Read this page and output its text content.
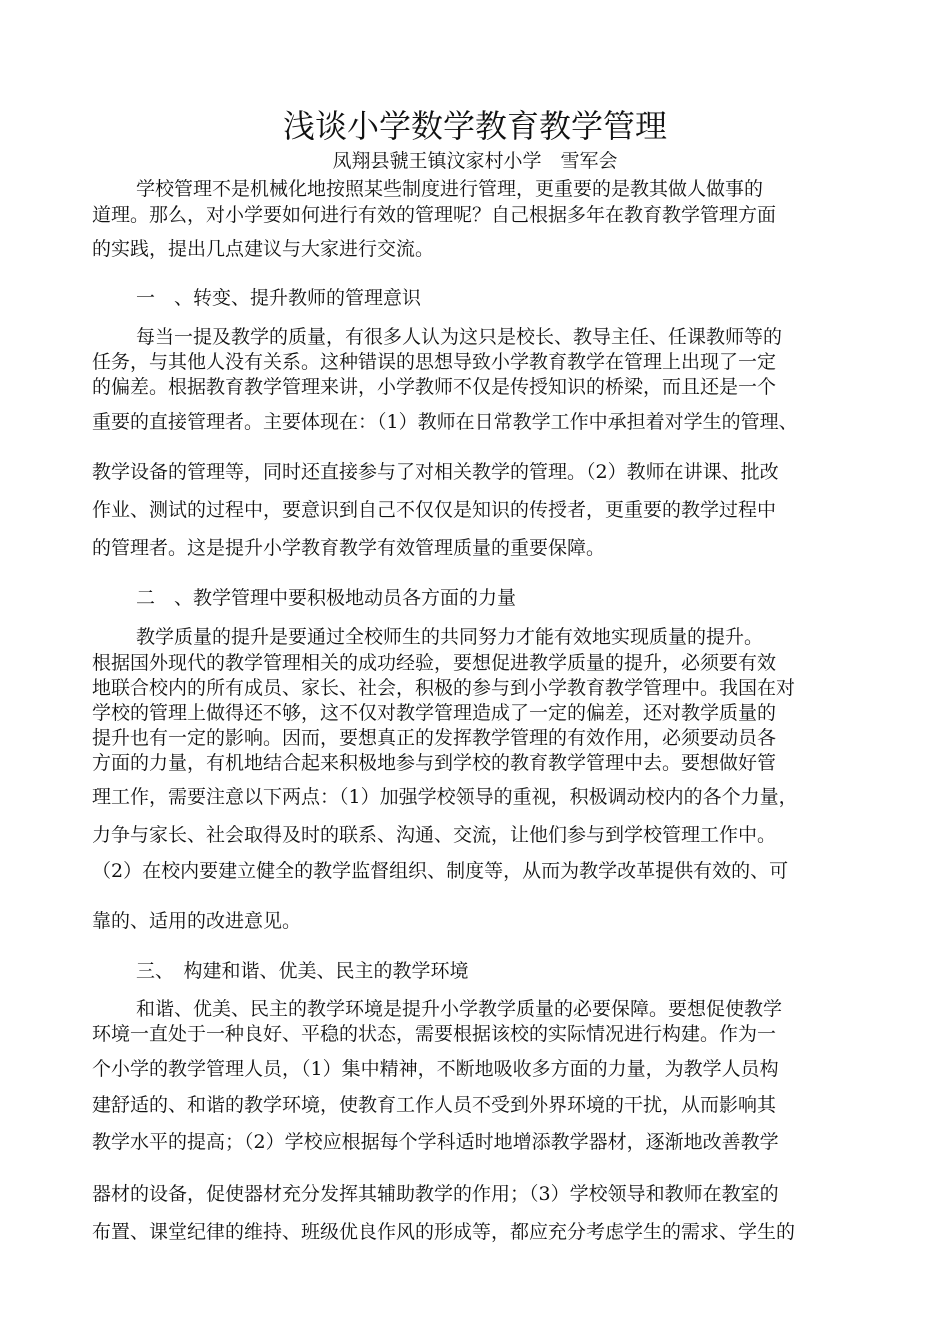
浅谈小学数学教育教学管理
凤翔县虢王镇汶家村小学　雪军会
学校管理不是机械化地按照某些制度进行管理，更重要的是教其做人做事的
道理。那么，对小学要如何进行有效的管理呢？自己根据多年在教育教学管理方面
的实践，提出几点建议与大家进行交流。
一　、转变、提升教师的管理意识
每当一提及教学的质量，有很多人认为这只是校长、教导主任、任课教师等的
任务，与其他人没有关系。这种错误的思想导致小学教育教学在管理上出现了一定
的偏差。根据教育教学管理来讲，小学教师不仅是传授知识的桥梁，而且还是一个
重要的直接管理者。主要体现在：（1）教师在日常教学工作中承担着对学生的管理、
教学设备的管理等，同时还直接参与了对相关教学的管理。（2）教师在讲课、批改
作业、测试的过程中，要意识到自己不仅仅是知识的传授者，更重要的教学过程中
的管理者。这是提升小学教育教学有效管理质量的重要保障。
二　、教学管理中要积极地动员各方面的力量
教学质量的提升是要通过全校师生的共同努力才能有效地实现质量的提升。
根据国外现代的教学管理相关的成功经验，要想促进教学质量的提升，必须要有效
地联合校内的所有成员、家长、社会，积极的参与到小学教育教学管理中。我国在对
学校的管理上做得还不够，这不仅对教学管理造成了一定的偏差，还对教学质量的
提升也有一定的影响。因而，要想真正的发挥教学管理的有效作用，必须要动员各
方面的力量，有机地结合起来积极地参与到学校的教育教学管理中去。要想做好管
理工作，需要注意以下两点：（1）加强学校领导的重视，积极调动校内的各个力量，
力争与家长、社会取得及时的联系、沟通、交流，让他们参与到学校管理工作中。
（2）在校内要建立健全的教学监督组织、制度等，从而为教学改革提供有效的、可
靠的、适用的改进意见。
三、　构建和谐、优美、民主的教学环境
和谐、优美、民主的教学环境是提升小学教学质量的必要保障。要想促使教学
环境一直处于一种良好、平稳的状态，需要根据该校的实际情况进行构建。作为一
个小学的教学管理人员，（1）集中精神，不断地吸收多方面的力量，为教学人员构
建舒适的、和谐的教学环境，使教育工作人员不受到外界环境的干扰，从而影响其
教学水平的提高；（2）学校应根据每个学科适时地增添教学器材，逐渐地改善教学
器材的设备，促使器材充分发挥其辅助教学的作用；（3）学校领导和教师在教室的
布置、课堂纪律的维持、班级优良作风的形成等，都应充分考虑学生的需求、学生的
